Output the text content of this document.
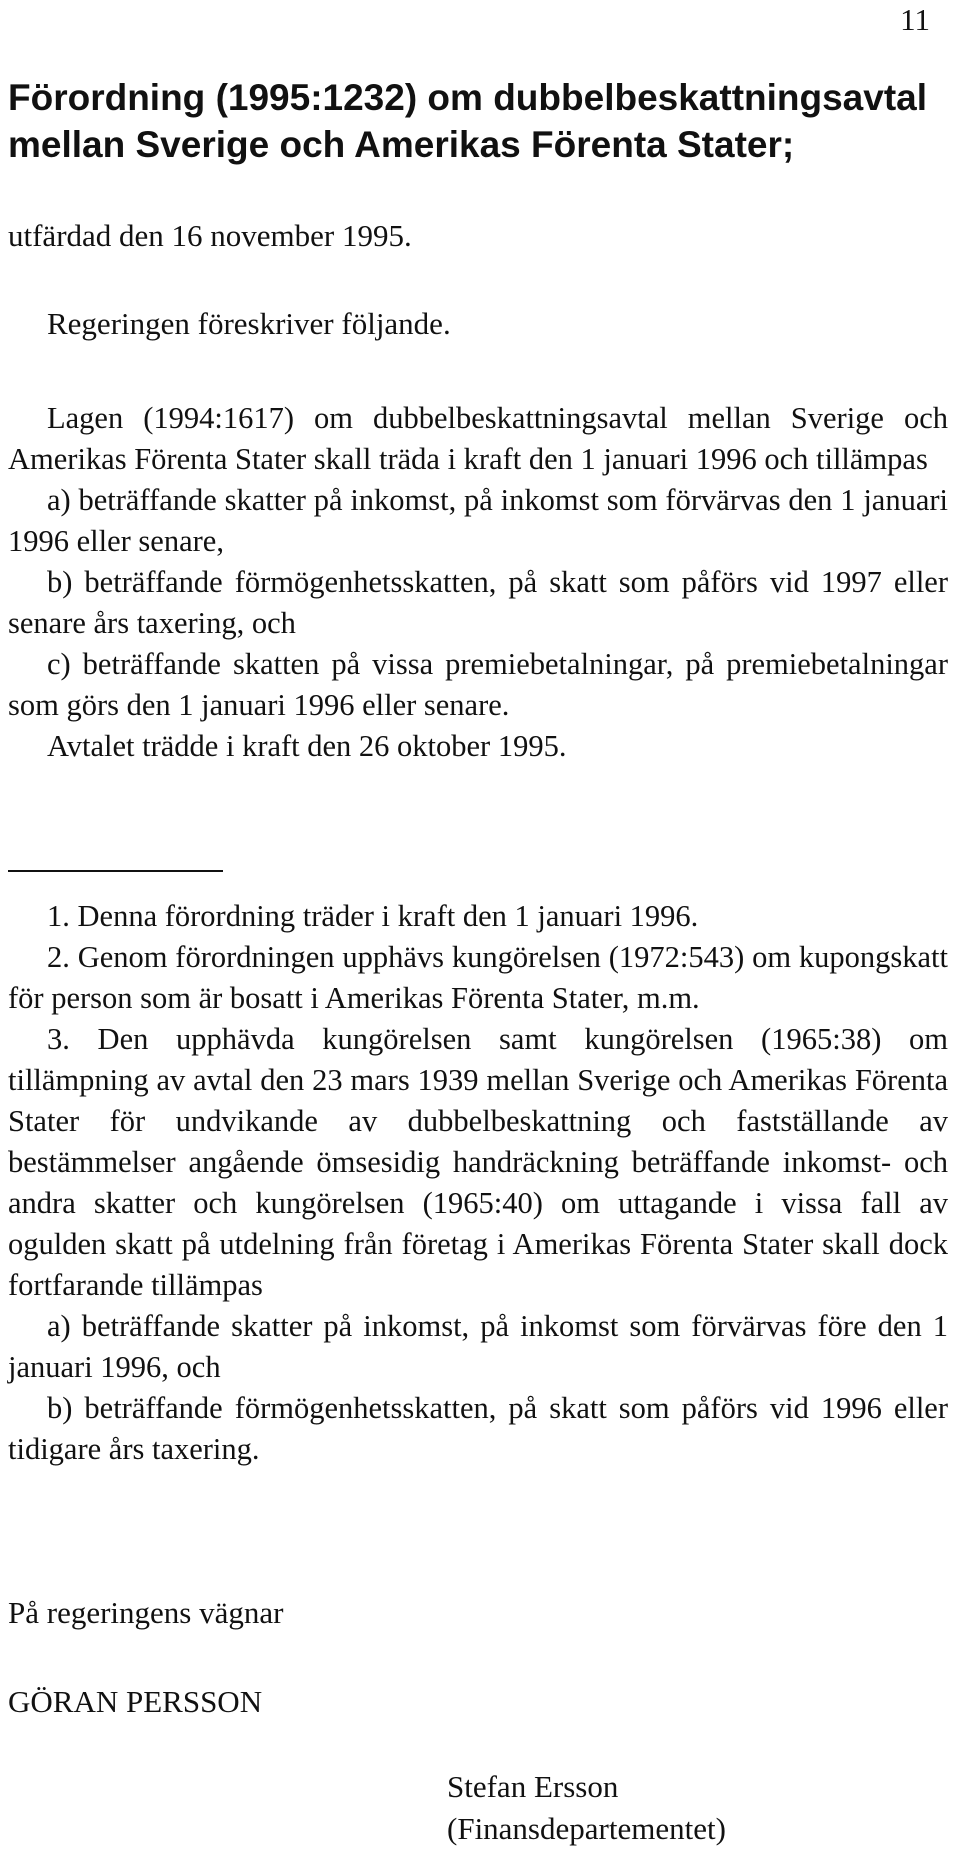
11
Förordning (1995:1232) om dubbelbeskattningsavtal
mellan Sverige och Amerikas Förenta Stater;
utfärdad den 16 november 1995.
Regeringen föreskriver följande.

Lagen (1994:1617) om dubbelbeskattningsavtal mellan Sverige och Amerikas Förenta Stater skall träda i kraft den 1 januari 1996 och tillämpas

a) beträffande skatter på inkomst, på inkomst som förvärvas den 1 januari 1996 eller senare,

b) beträffande förmögenhetsskatten, på skatt som påförs vid 1997 eller senare års taxering, och

c) beträffande skatten på vissa premiebetalningar, på premiebetalningar som görs den 1 januari 1996 eller senare.

Avtalet trädde i kraft den 26 oktober 1995.

1. Denna förordning träder i kraft den 1 januari 1996.

2. Genom förordningen upphävs kungörelsen (1972:543) om kupongskatt för person som är bosatt i Amerikas Förenta Stater, m.m.

3. Den upphävda kungörelsen samt kungörelsen (1965:38) om tillämpning av avtal den 23 mars 1939 mellan Sverige och Amerikas Förenta Stater för undvikande av dubbelbeskattning och fastställande av bestämmelser angående ömsesidig handräckning beträffande inkomst- och andra skatter och kungörelsen (1965:40) om uttagande i vissa fall av ogulden skatt på utdelning från företag i Amerikas Förenta Stater skall dock fortfarande tillämpas

a) beträffande skatter på inkomst, på inkomst som förvärvas före den 1 januari 1996, och

b) beträffande förmögenhetsskatten, på skatt som påförs vid 1996 eller tidigare års taxering.

På regeringens vägnar
GÖRAN PERSSON
Stefan Ersson
(Finansdepartementet)
